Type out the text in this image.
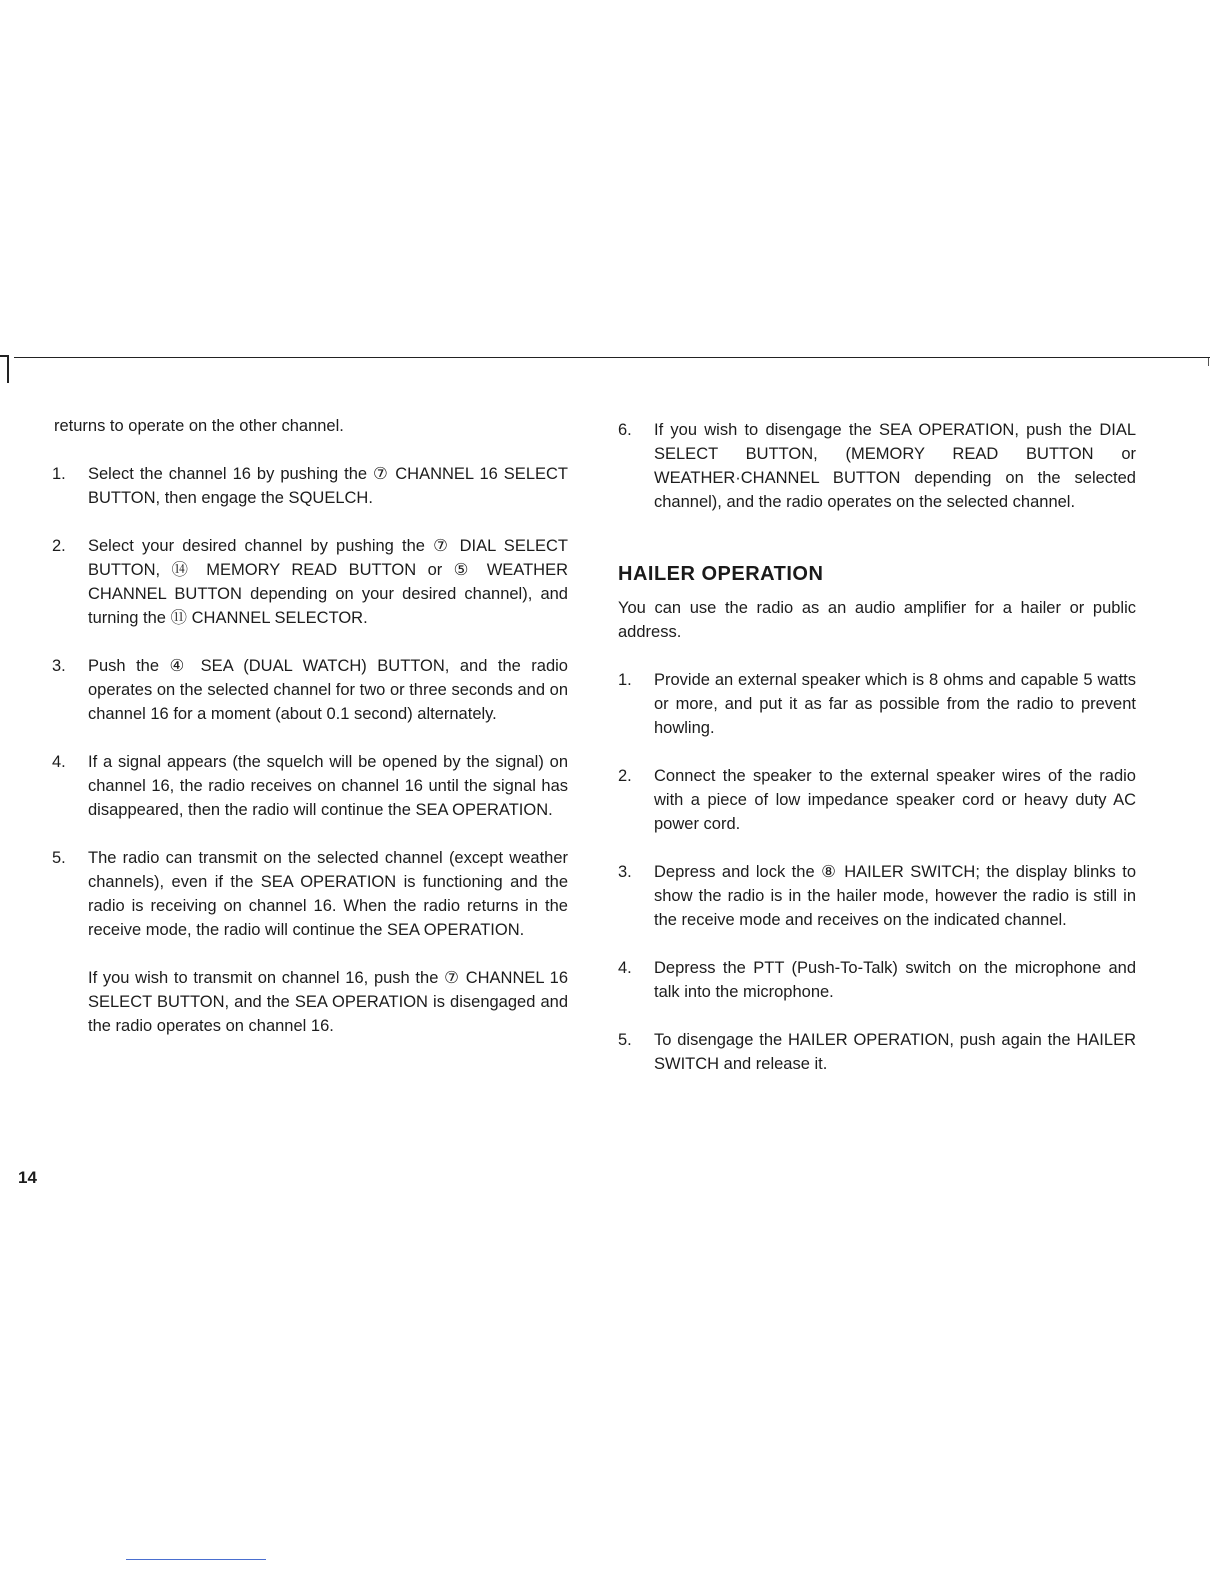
returns to operate on the other channel.

1.	Select the channel 16 by pushing the ⑦ CHANNEL 16 SELECT BUTTON, then engage the SQUELCH.
2.	Select your desired channel by pushing the ⑦ DIAL SELECT BUTTON, ⑭ MEMORY READ BUTTON or ⑤ WEATHER CHANNEL BUTTON depending on your desired channel), and turning the ⑪ CHANNEL SELECTOR.
3.	Push the ④ SEA (DUAL WATCH) BUTTON, and the radio operates on the selected channel for two or three seconds and on channel 16 for a moment (about 0.1 second) alternately.
4.	If a signal appears (the squelch will be opened by the signal) on channel 16, the radio receives on channel 16 until the signal has disappeared, then the radio will continue the SEA OPERATION.
5.	The radio can transmit on the selected channel (except weather channels), even if the SEA OPERATION is functioning and the radio is receiving on channel 16. When the radio returns in the receive mode, the radio will continue the SEA OPERATION.

If you wish to transmit on channel 16, push the ⑦ CHANNEL 16 SELECT BUTTON, and the SEA OPERATION is disengaged and the radio operates on channel 16.

6.	If you wish to disengage the SEA OPERATION, push the DIAL SELECT BUTTON, (MEMORY READ BUTTON or WEATHER·CHANNEL BUTTON depending on the selected channel), and the radio operates on the selected channel.
HAILER OPERATION

You can use the radio as an audio amplifier for a hailer or public address.

1.	Provide an external speaker which is 8 ohms and capable 5 watts or more, and put it as far as possible from the radio to prevent howling.
2.	Connect the speaker to the external speaker wires of the radio with a piece of low impedance speaker cord or heavy duty AC power cord.
3.	Depress and lock the ⑧ HAILER SWITCH; the display blinks to show the radio is in the hailer mode, however the radio is still in the receive mode and receives on the indicated channel.
4.	Depress the PTT (Push-To-Talk) switch on the microphone and talk into the microphone.
5.	To disengage the HAILER OPERATION, push again the HAILER SWITCH and release it.
14
